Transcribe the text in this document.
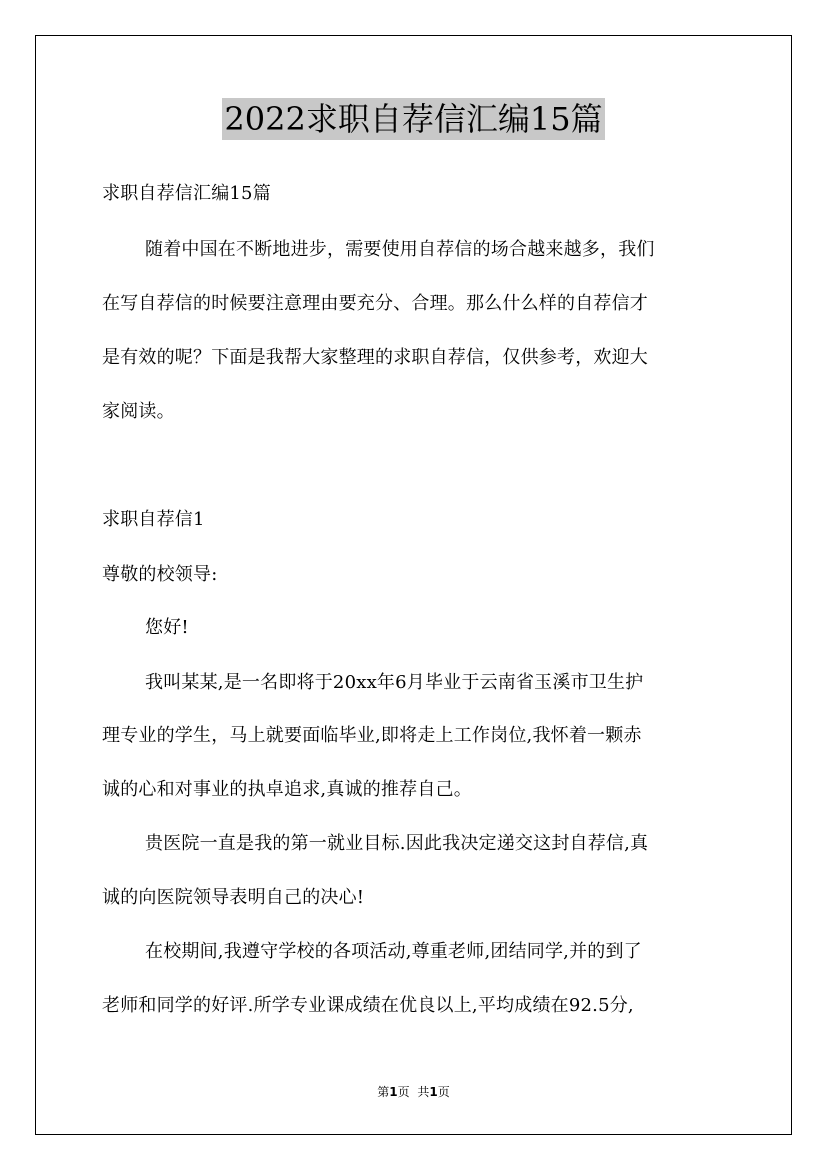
2022求职自荐信汇编15篇
求职自荐信汇编15篇
随着中国在不断地进步，需要使用自荐信的场合越来越多，我们
在写自荐信的时候要注意理由要充分、合理。那么什么样的自荐信才
是有效的呢？下面是我帮大家整理的求职自荐信，仅供参考，欢迎大
家阅读。
求职自荐信1
尊敬的校领导:
您好!
我叫某某,是一名即将于20xx年6月毕业于云南省玉溪市卫生护
理专业的学生，马上就要面临毕业,即将走上工作岗位,我怀着一颗赤
诚的心和对事业的执卓追求,真诚的推荐自己。
贵医院一直是我的第一就业目标.因此我决定递交这封自荐信,真
诚的向医院领导表明自己的决心!
在校期间,我遵守学校的各项活动,尊重老师,团结同学,并的到了
老师和同学的好评.所学专业课成绩在优良以上,平均成绩在92.5分,
第1页 共1页
